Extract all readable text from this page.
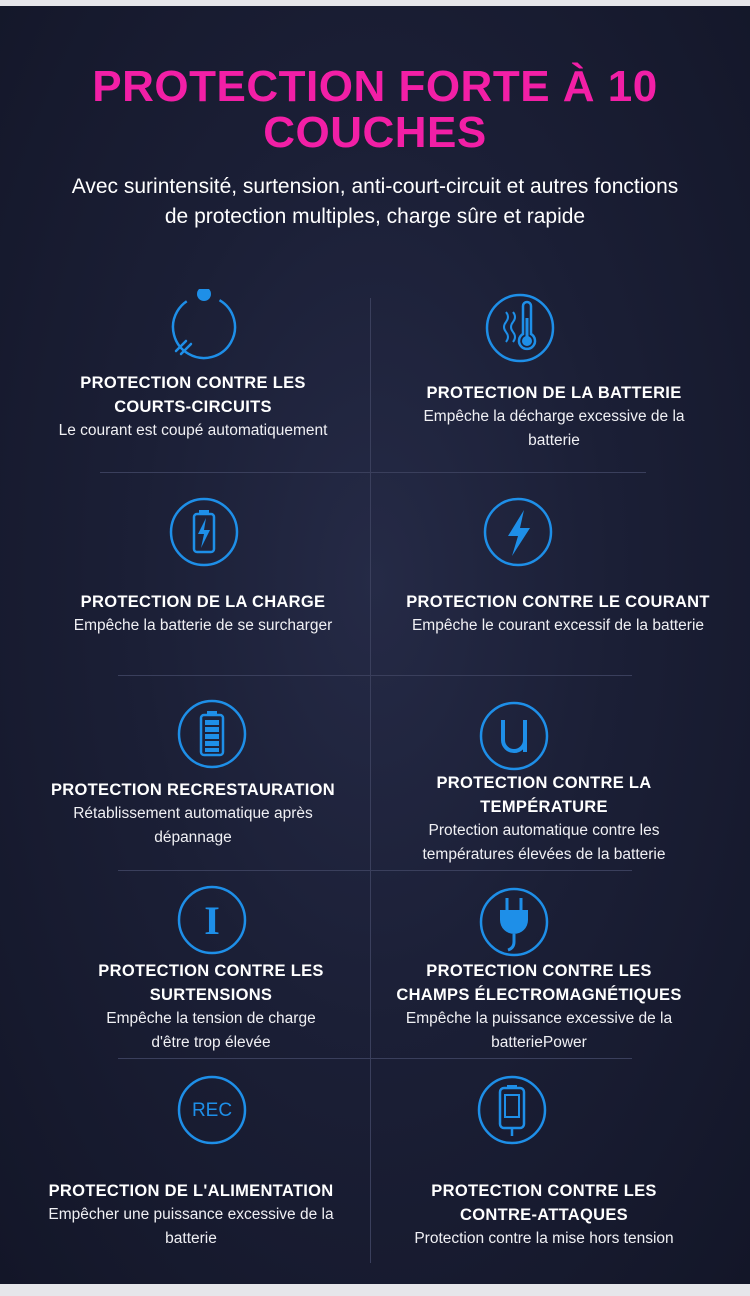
PROTECTION FORTE À 10
COUCHES
Avec surintensité, surtension, anti-court-circuit et autres fonctions
de protection multiples, charge sûre et rapide
PROTECTION CONTRE LES
COURTS-CIRCUITS
Le courant est coupé automatiquement
PROTECTION DE LA BATTERIE
Empêche la décharge excessive de la
batterie
PROTECTION DE LA CHARGE
Empêche la batterie de se surcharger
PROTECTION CONTRE LE COURANT
Empêche le courant excessif de la batterie
PROTECTION RECRESTAURATION
Rétablissement automatique après
dépannage
PROTECTION CONTRE LA
TEMPÉRATURE
Protection automatique contre les
températures élevées de la batterie
I
PROTECTION CONTRE LES
SURTENSIONS
Empêche la tension de charge
d'être trop élevée
PROTECTION CONTRE LES
CHAMPS ÉLECTROMAGNÉTIQUES
Empêche la puissance excessive de la
batteriePower
REC
PROTECTION DE L'ALIMENTATION
Empêcher une puissance excessive de la
batterie
PROTECTION CONTRE LES
CONTRE-ATTAQUES
Protection contre la mise hors tension
